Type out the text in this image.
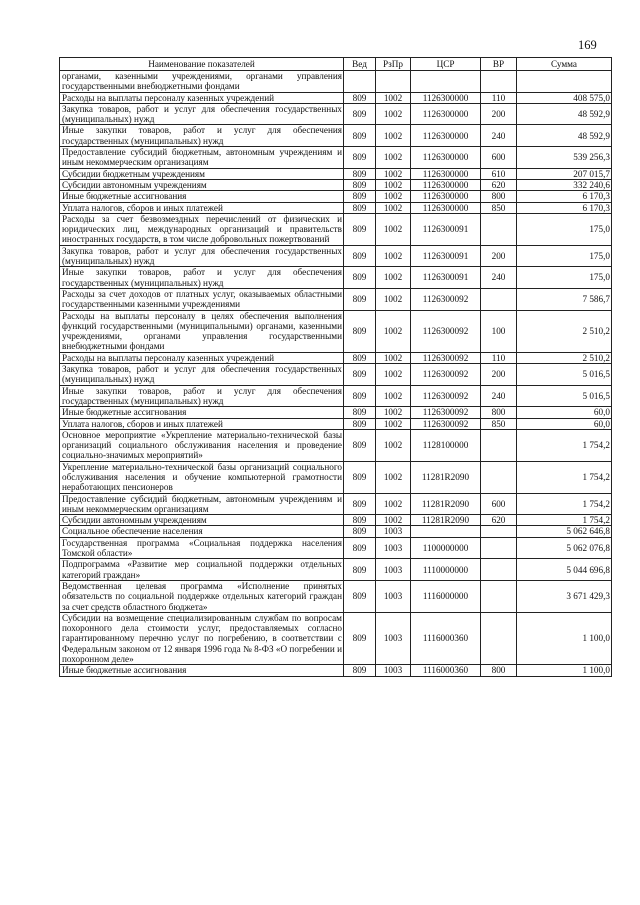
169
Наименование показателей	Вед	РзПр	ЦСР	ВР	Сумма
органами, казенными учреждениями, органами управления государственными внебюджетными фондами					
Расходы на выплаты персоналу казенных учреждений	809	1002	1126300000	110	408 575,0
Закупка товаров, работ и услуг для обеспечения государственных (муниципальных) нужд	809	1002	1126300000	200	48 592,9
Иные закупки товаров, работ и услуг для обеспечения государственных (муниципальных) нужд	809	1002	1126300000	240	48 592,9
Предоставление субсидий бюджетным, автономным учреждениям и иным некоммерческим организациям	809	1002	1126300000	600	539 256,3
Субсидии бюджетным учреждениям	809	1002	1126300000	610	207 015,7
Субсидии автономным учреждениям	809	1002	1126300000	620	332 240,6
Иные бюджетные ассигнования	809	1002	1126300000	800	6 170,3
Уплата налогов, сборов и иных платежей	809	1002	1126300000	850	6 170,3
Расходы за счет безвозмездных перечислений от физических и юридических лиц, международных организаций и правительств иностранных государств, в том числе добровольных пожертвований	809	1002	1126300091		175,0
Закупка товаров, работ и услуг для обеспечения государственных (муниципальных) нужд	809	1002	1126300091	200	175,0
Иные закупки товаров, работ и услуг для обеспечения государственных (муниципальных) нужд	809	1002	1126300091	240	175,0
Расходы за счет доходов от платных услуг, оказываемых областными государственными казенными учреждениями	809	1002	1126300092		7 586,7
Расходы на выплаты персоналу в целях обеспечения выполнения функций государственными (муниципальными) органами, казенными учреждениями, органами управления государственными внебюджетными фондами	809	1002	1126300092	100	2 510,2
Расходы на выплаты персоналу казенных учреждений	809	1002	1126300092	110	2 510,2
Закупка товаров, работ и услуг для обеспечения государственных (муниципальных) нужд	809	1002	1126300092	200	5 016,5
Иные закупки товаров, работ и услуг для обеспечения государственных (муниципальных) нужд	809	1002	1126300092	240	5 016,5
Иные бюджетные ассигнования	809	1002	1126300092	800	60,0
Уплата налогов, сборов и иных платежей	809	1002	1126300092	850	60,0
Основное мероприятие «Укрепление материально-технической базы организаций социального обслуживания населения и проведение социально-значимых мероприятий»	809	1002	1128100000		1 754,2
Укрепление материально-технической базы организаций социального обслуживания населения и обучение компьютерной грамотности неработающих пенсионеров	809	1002	11281R2090		1 754,2
Предоставление субсидий бюджетным, автономным учреждениям и иным некоммерческим организациям	809	1002	11281R2090	600	1 754,2
Субсидии автономным учреждениям	809	1002	11281R2090	620	1 754,2
Социальное обеспечение населения	809	1003			5 062 646,8
Государственная программа «Социальная поддержка населения Томской области»	809	1003	1100000000		5 062 076,8
Подпрограмма «Развитие мер социальной поддержки отдельных категорий граждан»	809	1003	1110000000		5 044 696,8
Ведомственная целевая программа «Исполнение принятых обязательств по социальной поддержке отдельных категорий граждан за счет средств областного бюджета»	809	1003	1116000000		3 671 429,3
Субсидии на возмещение специализированным службам по вопросам похоронного дела стоимости услуг, предоставляемых согласно гарантированному перечню услуг по погребению, в соответствии с Федеральным законом от 12 января 1996 года № 8-ФЗ «О погребении и похоронном деле»	809	1003	1116000360		1 100,0
Иные бюджетные ассигнования	809	1003	1116000360	800	1 100,0
